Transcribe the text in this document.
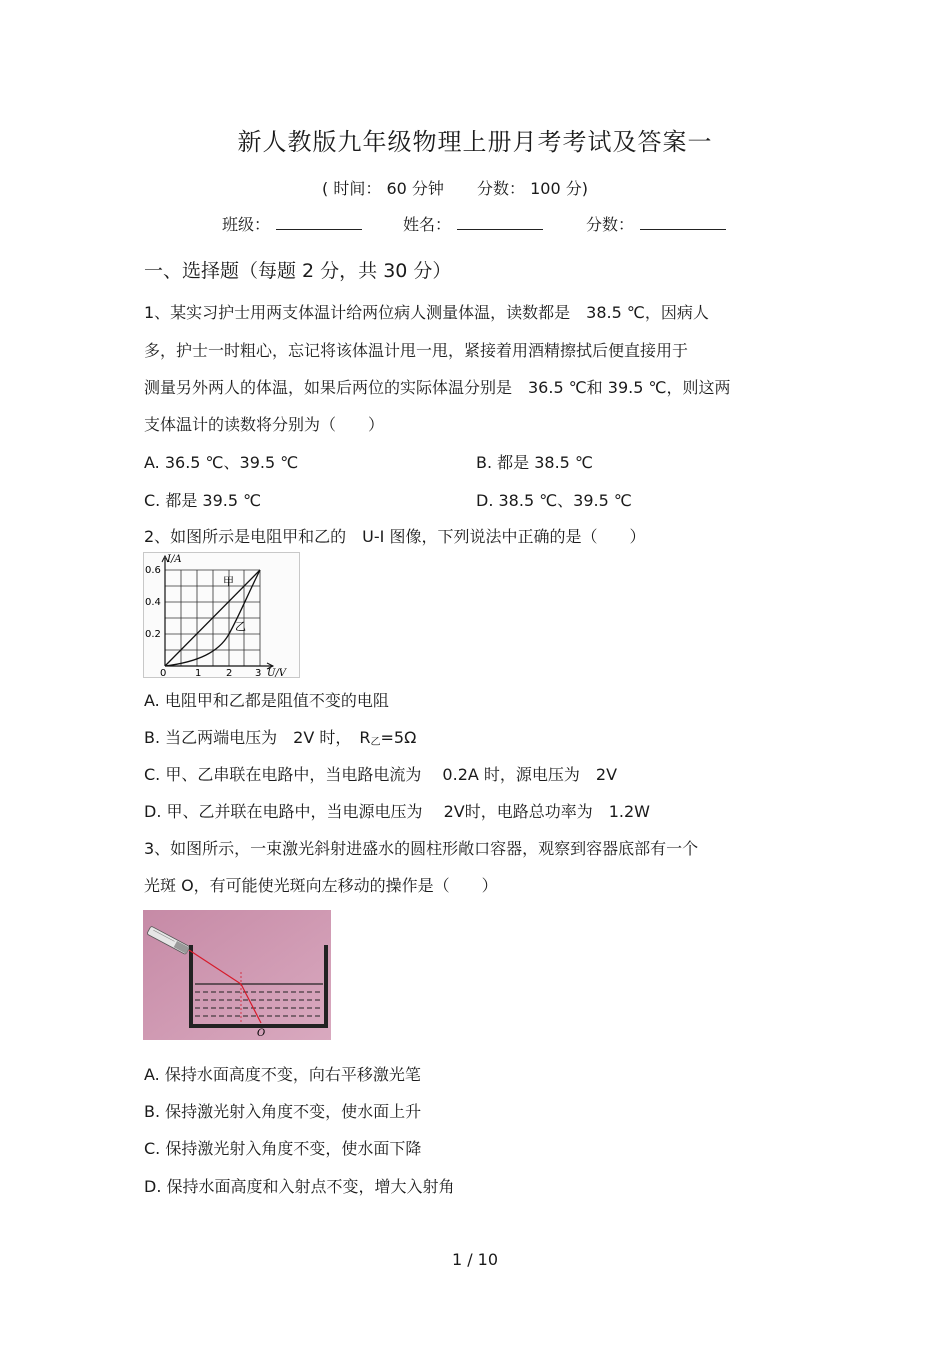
新人教版九年级物理上册月考考试及答案一
( 时间： 60 分钟 分数： 100 分)
班级：	姓名：	分数：
一、选择题（每题 2 分，共 30 分）
1、某实习护士用两支体温计给两位病人测量体温，读数都是　38.5 ℃，因病人
多，护士一时粗心，忘记将该体温计甩一甩，紧接着用酒精擦拭后便直接用于
测量另外两人的体温，如果后两位的实际体温分别是　36.5 ℃和 39.5 ℃，则这两
支体温计的读数将分别为（　　）
A. 36.5 ℃、39.5 ℃	B. 都是 38.5 ℃
C. 都是 39.5 ℃	D. 38.5 ℃、39.5 ℃
2、如图所示是电阻甲和乙的　U-I 图像，下列说法中正确的是（　　）
I/A
U/V
0.6
0.4
0.2
0	1 2 3
甲
乙
A. 电阻甲和乙都是阻值不变的电阻
B. 当乙两端电压为　2V 时，　R乙=5Ω
C. 甲、乙串联在电路中，当电路电流为　 0.2A 时，源电压为　2V
D. 甲、乙并联在电路中，当电源电压为　 2V时，电路总功率为　1.2W
3、如图所示，一束激光斜射进盛水的圆柱形敞口容器，观察到容器底部有一个
光斑 O，有可能使光斑向左移动的操作是（　　）
O
A. 保持水面高度不变，向右平移激光笔
B. 保持激光射入角度不变，使水面上升
C. 保持激光射入角度不变，使水面下降
D. 保持水面高度和入射点不变，增大入射角
1 / 10
